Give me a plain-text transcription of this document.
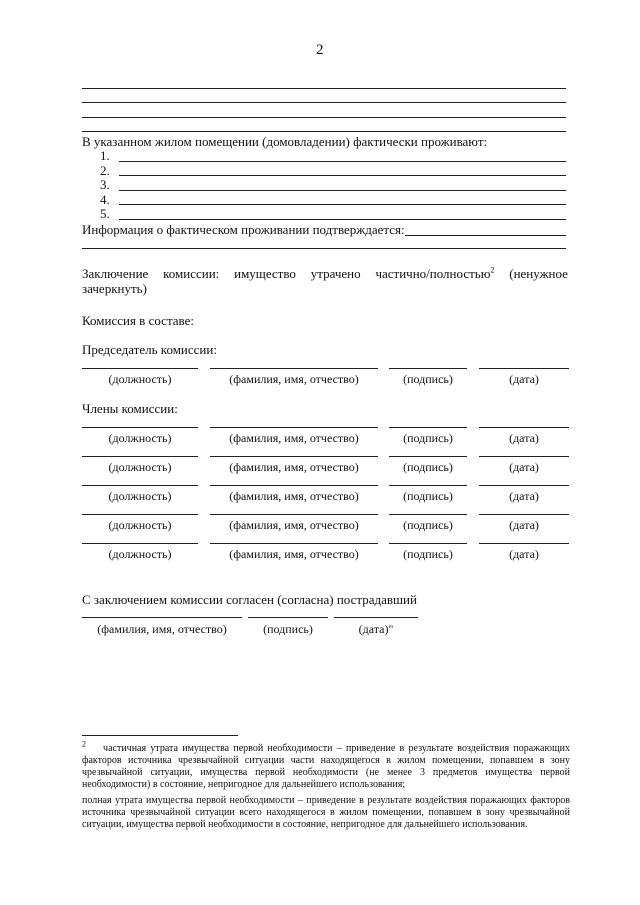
2
В указанном жилом помещении (домовладении) фактически проживают:
1.
2.
3.
4.
5.
Информация о фактическом проживании подтверждается:
Заключение комиссии: имущество утрачено частично/полностью$^2$ (ненужное
зачеркнуть)
Комиссия в составе:
Председатель комиссии:
(должность)	(фамилия, имя, отчество)	(подпись)	(дата)
(должность)	(фамилия, имя, отчество)	(подпись)	(дата)
(должность)	(фамилия, имя, отчество)	(подпись)	(дата)
(должность)	(фамилия, имя, отчество)	(подпись)	(дата)
(должность)	(фамилия, имя, отчество)	(подпись)	(дата)
(должность)	(фамилия, имя, отчество)	(подпись)	(дата)
Члены комиссии:
С заключением комиссии согласен (согласна) пострадавший
(фамилия, имя, отчество)	(подпись)	(дата)"
$^2$ частичная утрата имущества первой необходимости – приведение в результате воздействия поражающих факторов источника чрезвычайной ситуации части находящегося в жилом помещении, попавшем в зону чрезвычайной ситуации, имущества первой необходимости (не менее 3 предметов имущества первой необходимости) в состояние, непригодное для дальнейшего использования;
полная утрата имущества первой необходимости – приведение в результате воздействия поражающих факторов источника чрезвычайной ситуации всего находящегося в жилом помещении, попавшем в зону чрезвычайной ситуации, имущества первой необходимости в состояние, непригодное для дальнейшего использования.
